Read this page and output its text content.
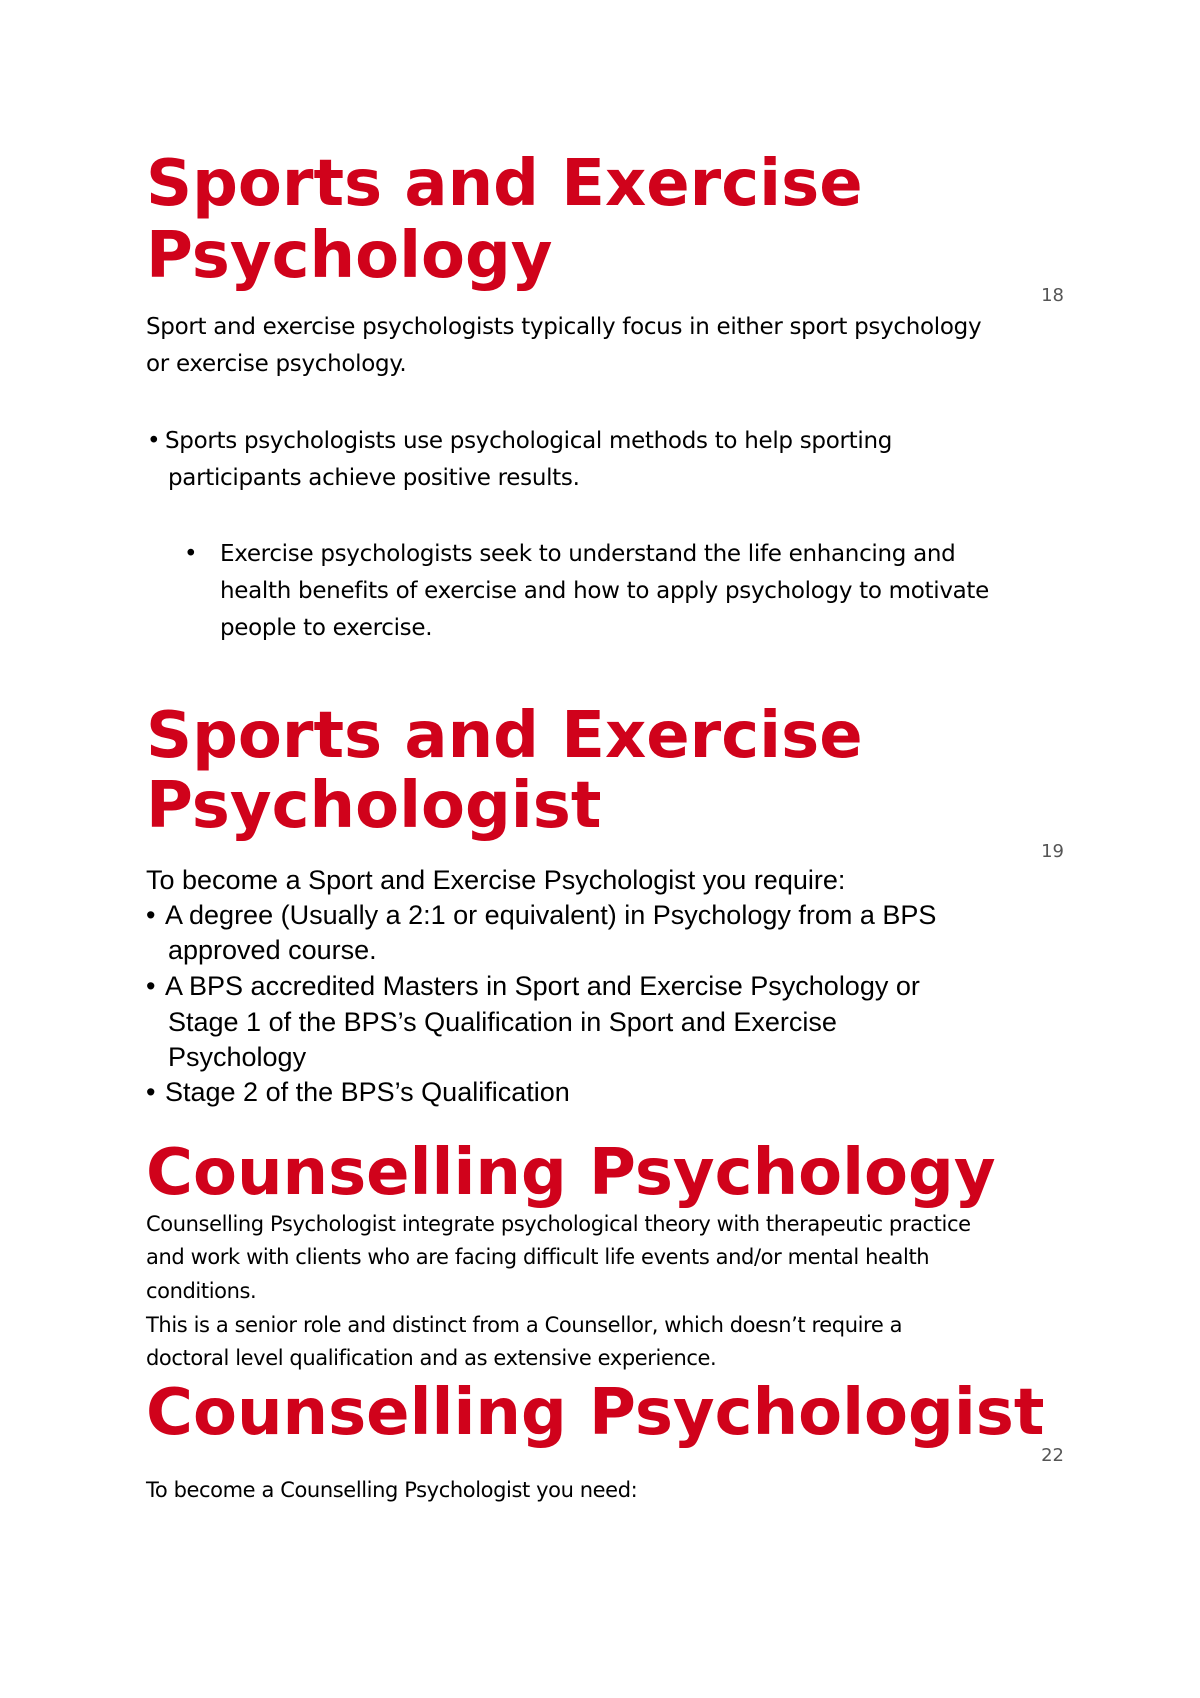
Sports and Exercise
Psychology
18

Sport and exercise psychologists typically focus in either sport psychology

or exercise psychology.

• Sports psychologists use psychological methods to help sporting
participants achieve positive results.
• Exercise psychologists seek to understand the life enhancing and
health benefits of exercise and how to apply psychology to motivate
people to exercise.
Sports and Exercise
Psychologist
19

To become a Sport and Exercise Psychologist you require:

• A degree (Usually a 2:1 or equivalent) in Psychology from a BPS
approved course.
• A BPS accredited Masters in Sport and Exercise Psychology or
Stage 1 of the BPS’s Qualification in Sport and Exercise
Psychology
• Stage 2 of the BPS’s Qualification
Counselling Psychology

Counselling Psychologist integrate psychological theory with therapeutic practice

and work with clients who are facing difficult life events and/or mental health

conditions.

This is a senior role and distinct from a Counsellor, which doesn’t require a

doctoral level qualification and as extensive experience.

Counselling Psychologist
22

To become a Counselling Psychologist you need:
